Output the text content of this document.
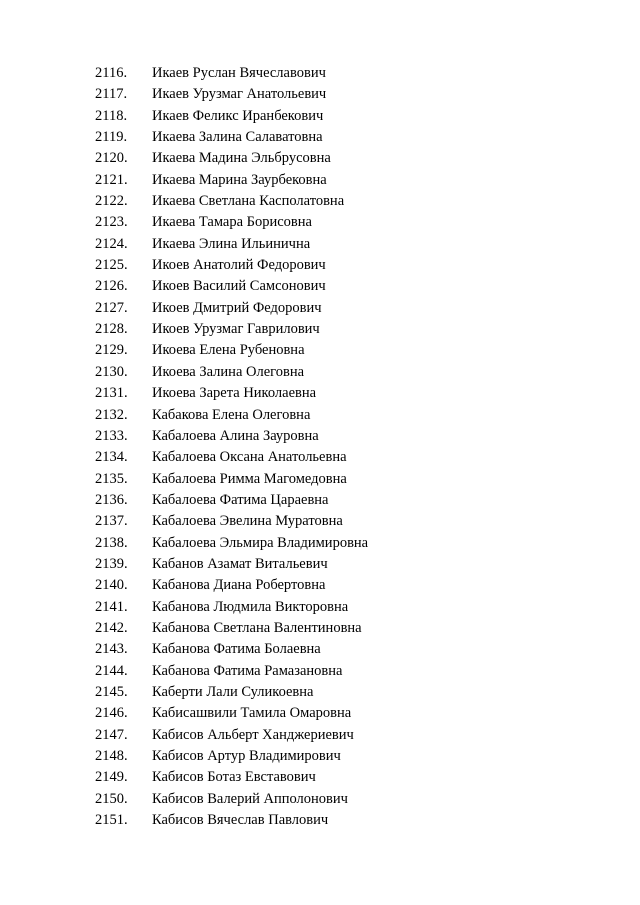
2116.	Икаев Руслан Вячеславович
2117.	Икаев Урузмаг Анатольевич
2118.	Икаев Феликс Иранбекович
2119.	Икаева Залина Салаватовна
2120.	Икаева Мадина Эльбрусовна
2121.	Икаева Марина Заурбековна
2122.	Икаева Светлана Касполатовна
2123.	Икаева Тамара Борисовна
2124.	Икаева Элина Ильинична
2125.	Икоев Анатолий Федорович
2126.	Икоев Василий Самсонович
2127.	Икоев Дмитрий Федорович
2128.	Икоев Урузмаг Гаврилович
2129.	Икоева Елена Рубеновна
2130.	Икоева Залина Олеговна
2131.	Икоева Зарета Николаевна
2132.	Кабакова Елена Олеговна
2133.	Кабалоева Алина Зауровна
2134.	Кабалоева Оксана Анатольевна
2135.	Кабалоева Римма Магомедовна
2136.	Кабалоева Фатима Цараевна
2137.	Кабалоева Эвелина Муратовна
2138.	Кабалоева Эльмира Владимировна
2139.	Кабанов Азамат Витальевич
2140.	Кабанова Диана Робертовна
2141.	Кабанова Людмила Викторовна
2142.	Кабанова Светлана Валентиновна
2143.	Кабанова Фатима Болаевна
2144.	Кабанова Фатима Рамазановна
2145.	Каберти Лали Суликоевна
2146.	Кабисашвили Тамила Омаровна
2147.	Кабисов Альберт Ханджериевич
2148.	Кабисов Артур Владимирович
2149.	Кабисов Ботаз Евставович
2150.	Кабисов Валерий Апполонович
2151.	Кабисов Вячеслав Павлович
